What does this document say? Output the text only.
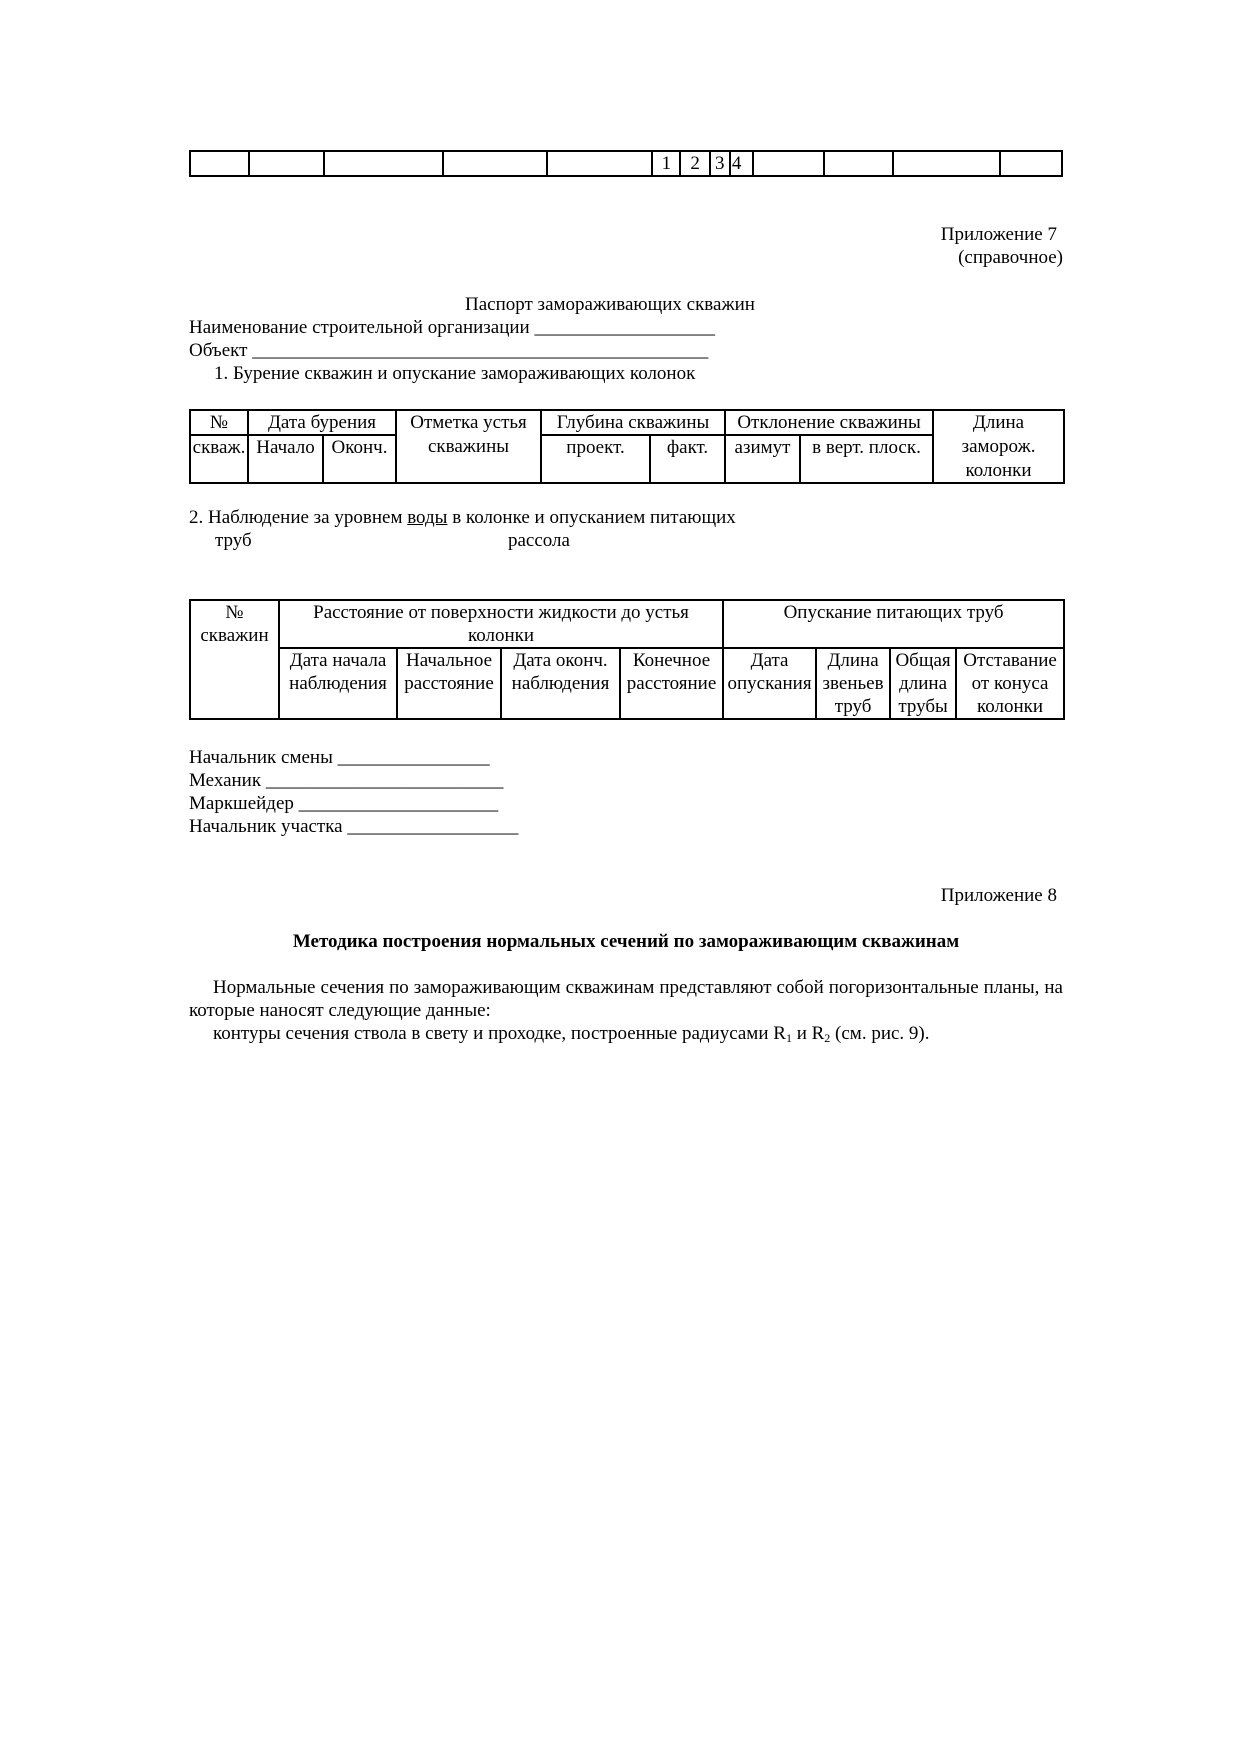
					1	2	3	4				
Приложение 7
(справочное)
Паспорт замораживающих скважин
Наименование строительной организации ___________________
Объект ________________________________________________
1. Бурение скважин и опускание замораживающих колонок
№	Дата бурения		Отметка устья	Глубина скважины		Отклонение скважины		Длина
скваж.	Начало	Оконч.	скважины	проект.	факт.	азимут	в верт. плоск.	заморож.
								колонки
2. Наблюдение за уровнем воды в колонке и опусканием питающих
труб	рассола
№ скважин	Расстояние от поверхности жидкости до устья колонки				Опускание питающих труб			
	Дата начала наблюдения	Начальное расстояние	Дата оконч. наблюдения	Конечное расстояние	Дата опускания	Длина звеньев труб	Общая длина трубы	Отставание от конуса колонки
Начальник смены ________________
Механик _________________________
Маркшейдер _____________________
Начальник участка __________________
Приложение 8
Методика построения нормальных сечений по замораживающим скважинам
Нормальные сечения по замораживающим скважинам представляют собой погоризонтальные планы, на которые наносят следующие данные:
контуры сечения ствола в свету и проходке, построенные радиусами $R_1$ и $R_2$ (см. рис. 9).
